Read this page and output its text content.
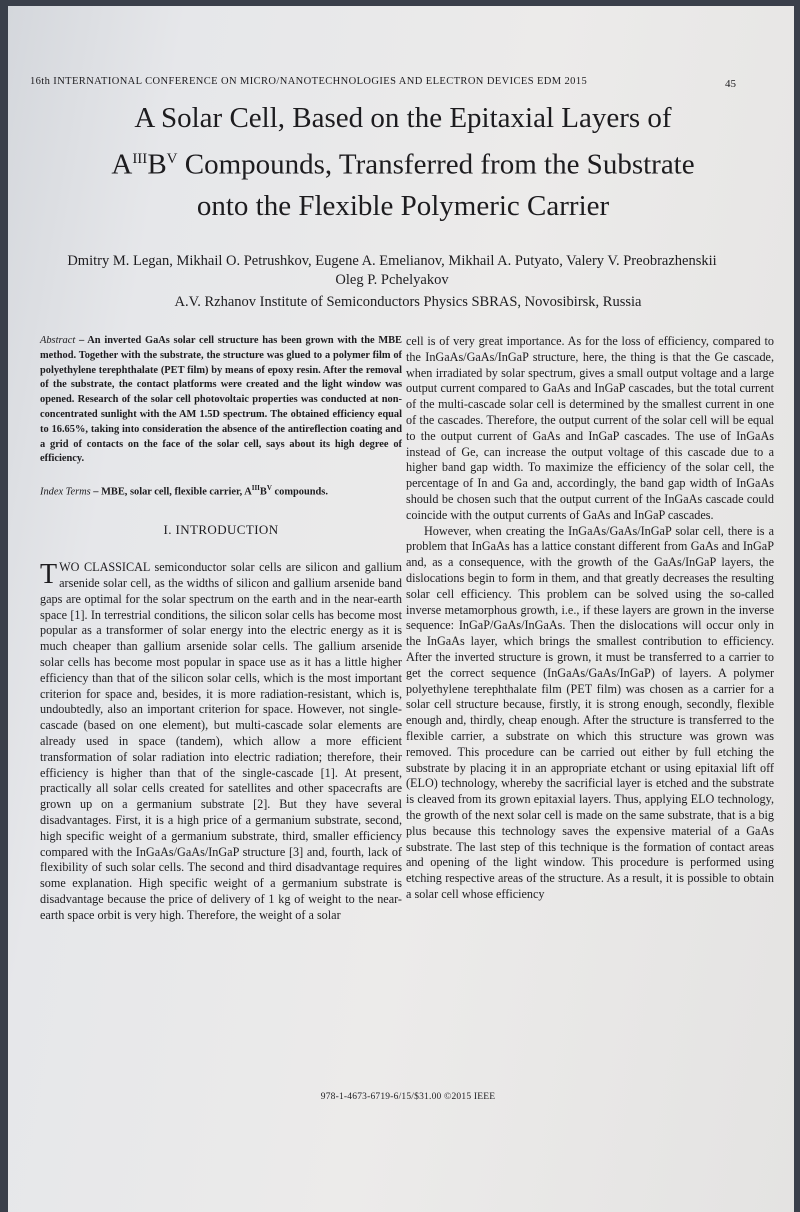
16th INTERNATIONAL CONFERENCE ON MICRO/NANOTECHNOLOGIES AND ELECTRON DEVICES EDM 2015	45
A Solar Cell, Based on the Epitaxial Layers of
$A^{III}B^V$ Compounds, Transferred from the Substrate
onto the Flexible Polymeric Carrier
Dmitry M. Legan, Mikhail O. Petrushkov, Eugene A. Emelianov, Mikhail A. Putyato, Valery V. Preobrazhenskii
Oleg P. Pchelyakov
A.V. Rzhanov Institute of Semiconductors Physics SBRAS, Novosibirsk, Russia
Abstract – An inverted GaAs solar cell structure has been grown with the MBE method. Together with the substrate, the structure was glued to a polymer film of polyethylene terephthalate (PET film) by means of epoxy resin. After the removal of the substrate, the contact platforms were created and the light window was opened. Research of the solar cell photovoltaic properties was conducted at non-concentrated sunlight with the AM 1.5D spectrum. The obtained efficiency equal to 16.65%, taking into consideration the absence of the antireflection coating and a grid of contacts on the face of the solar cell, says about its high degree of efficiency.
Index Terms – MBE, solar cell, flexible carrier, $A^{III}B^V$ compounds.
I. INTRODUCTION

TWO CLASSICAL semiconductor solar cells are silicon and gallium arsenide solar cell, as the widths of silicon and gallium arsenide band gaps are optimal for the solar spectrum on the earth and in the near-earth space [1]. In terrestrial conditions, the silicon solar cells has become most popular as a transformer of solar energy into the electric energy as it is much cheaper than gallium arsenide solar cells. The gallium arsenide solar cells has become most popular in space use as it has a little higher efficiency than that of the silicon solar cells, which is the most important criterion for space and, besides, it is more radiation-resistant, which is, undoubtedly, also an important criterion for space. However, not single-cascade (based on one element), but multi-cascade solar elements are already used in space (tandem), which allow a more efficient transformation of solar radiation into electric radiation; therefore, their efficiency is higher than that of the single-cascade [1]. At present, practically all solar cells created for satellites and other spacecrafts are grown up on a germanium substrate [2]. But they have several disadvantages. First, it is a high price of a germanium substrate, second, high specific weight of a germanium substrate, third, smaller efficiency compared with the InGaAs/GaAs/InGaP structure [3] and, fourth, lack of flexibility of such solar cells. The second and third disadvantage requires some explanation. High specific weight of a germanium substrate is disadvantage because the price of delivery of 1 kg of weight to the near-earth space orbit is very high. Therefore, the weight of a solar

cell is of very great importance. As for the loss of efficiency, compared to the InGaAs/GaAs/InGaP structure, here, the thing is that the Ge cascade, when irradiated by solar spectrum, gives a small output voltage and a large output current compared to GaAs and InGaP cascades, but the total current of the multi-cascade solar cell is determined by the smallest current in one of the cascades. Therefore, the output current of the solar cell will be equal to the output current of GaAs and InGaP cascades. The use of InGaAs instead of Ge, can increase the output voltage of this cascade due to a higher band gap width. To maximize the efficiency of the solar cell, the percentage of In and Ga and, accordingly, the band gap width of InGaAs should be chosen such that the output current of the InGaAs cascade could coincide with the output currents of GaAs and InGaP cascades.

However, when creating the InGaAs/GaAs/InGaP solar cell, there is a problem that InGaAs has a lattice constant different from GaAs and InGaP and, as a consequence, with the growth of the GaAs/InGaP layers, the dislocations begin to form in them, and that greatly decreases the resulting solar cell efficiency. This problem can be solved using the so-called inverse metamorphous growth, i.e., if these layers are grown in the inverse sequence: InGaP/GaAs/InGaAs. Then the dislocations will occur only in the InGaAs layer, which brings the smallest contribution to efficiency. After the inverted structure is grown, it must be transferred to a carrier to get the correct sequence (InGaAs/GaAs/InGaP) of layers. A polymer polyethylene terephthalate film (PET film) was chosen as a carrier for a solar cell structure because, firstly, it is strong enough, secondly, flexible enough and, thirdly, cheap enough. After the structure is transferred to the flexible carrier, a substrate on which this structure was grown was removed. This procedure can be carried out either by full etching the substrate by placing it in an appropriate etchant or using epitaxial lift off (ELO) technology, whereby the sacrificial layer is etched and the substrate is cleaved from its grown epitaxial layers. Thus, applying ELO technology, the growth of the next solar cell is made on the same substrate, that is a big plus because this technology saves the expensive material of a GaAs substrate. The last step of this technique is the formation of contact areas and opening of the light window. This procedure is performed using etching respective areas of the structure. As a result, it is possible to obtain a solar cell whose efficiency

978-1-4673-6719-6/15/$31.00 ©2015 IEEE
